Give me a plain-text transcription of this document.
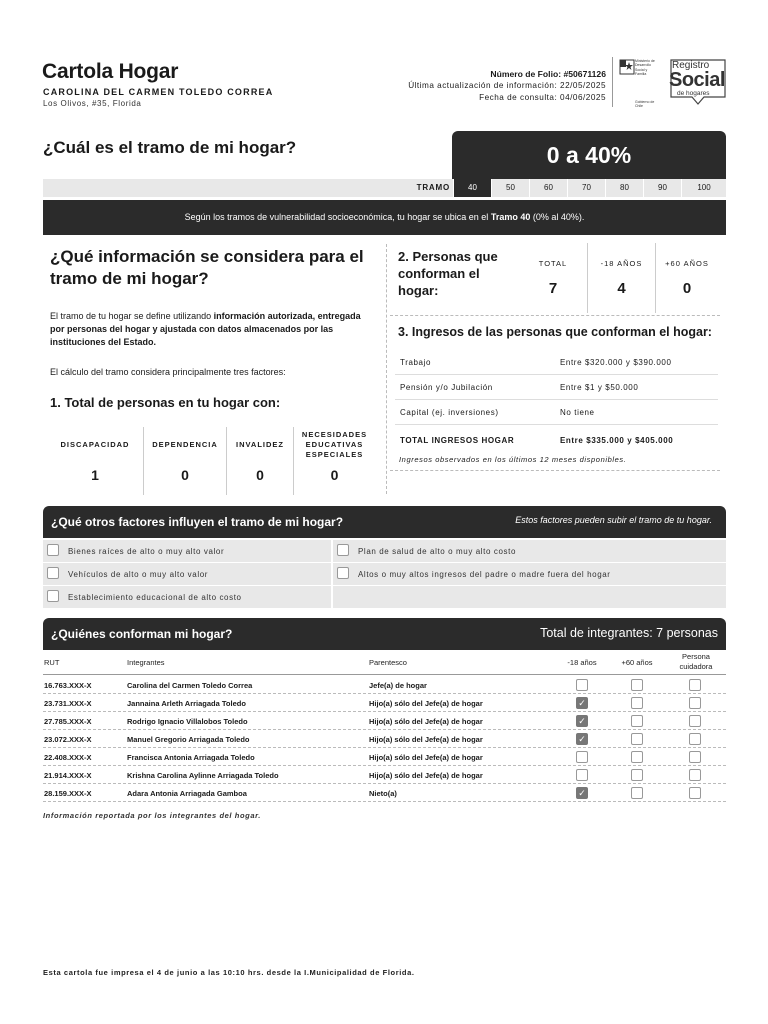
Cartola Hogar
CAROLINA DEL CARMEN TOLEDO CORREA
Los Olivos, #35, Florida
Número de Folio: #50671126
Última actualización de información: 22/05/2025
Fecha de consulta: 04/06/2025
Ministerio de
Desarrollo
Social y
Familia
Gobierno de Chile
Registro
Social
de hogares
¿Cuál es el tramo de mi hogar?	0 a 40%
TRAMO	40	50	60	70	80	90	100
Según los tramos de vulnerabilidad socioeconómica, tu hogar se ubica en el Tramo 40 (0% al 40%).
¿Qué información se considera para el tramo de mi hogar?
El tramo de tu hogar se define utilizando información autorizada, entregada por personas del hogar y ajustada con datos almacenados por las instituciones del Estado.
El cálculo del tramo considera principalmente tres factores:
1. Total de personas en tu hogar con:
DISCAPACIDAD
1
DEPENDENCIA
0
INVALIDEZ
0
NECESIDADES EDUCATIVAS ESPECIALES
0
2. Personas que conforman el hogar:
TOTAL
7
-18 AÑOS
4
+60 AÑOS
0
3. Ingresos de las personas que conforman el hogar:
Trabajo	Entre $320.000 y $390.000
Pensión y/o Jubilación	Entre $1 y $50.000
Capital (ej. inversiones)	No tiene
TOTAL INGRESOS HOGAR	Entre $335.000 y $405.000
Ingresos observados en los últimos 12 meses disponibles.
¿Qué otros factores influyen el tramo de mi hogar?	Estos factores pueden subir el tramo de tu hogar.
Bienes raíces de alto o muy alto valor	Plan de salud de alto o muy alto costo
Vehículos de alto o muy alto valor	Altos o muy altos ingresos del padre o madre fuera del hogar
Establecimiento educacional de alto costo
¿Quiénes conforman mi hogar?	Total de integrantes: 7 personas
RUT	Integrantes	Parentesco	-18 años	+60 años
Persona cuidadora
16.763.XXX-X	Carolina del Carmen Toledo Correa	Jefe(a) de hogar
23.731.XXX-X	Jannaina Arleth Arriagada Toledo	Hijo(a) sólo del Jefe(a) de hogar	✓
27.785.XXX-X	Rodrigo Ignacio Villalobos Toledo	Hijo(a) sólo del Jefe(a) de hogar	✓
23.072.XXX-X	Manuel Gregorio Arriagada Toledo	Hijo(a) sólo del Jefe(a) de hogar	✓
22.408.XXX-X	Francisca Antonia Arriagada Toledo	Hijo(a) sólo del Jefe(a) de hogar
21.914.XXX-X	Krishna Carolina Aylinne Arriagada Toledo	Hijo(a) sólo del Jefe(a) de hogar
28.159.XXX-X	Adara Antonia Arriagada Gamboa	Nieto(a)	✓
Información reportada por los integrantes del hogar.
Esta cartola fue impresa el 4 de junio a las 10:10 hrs. desde la I.Municipalidad de Florida.
